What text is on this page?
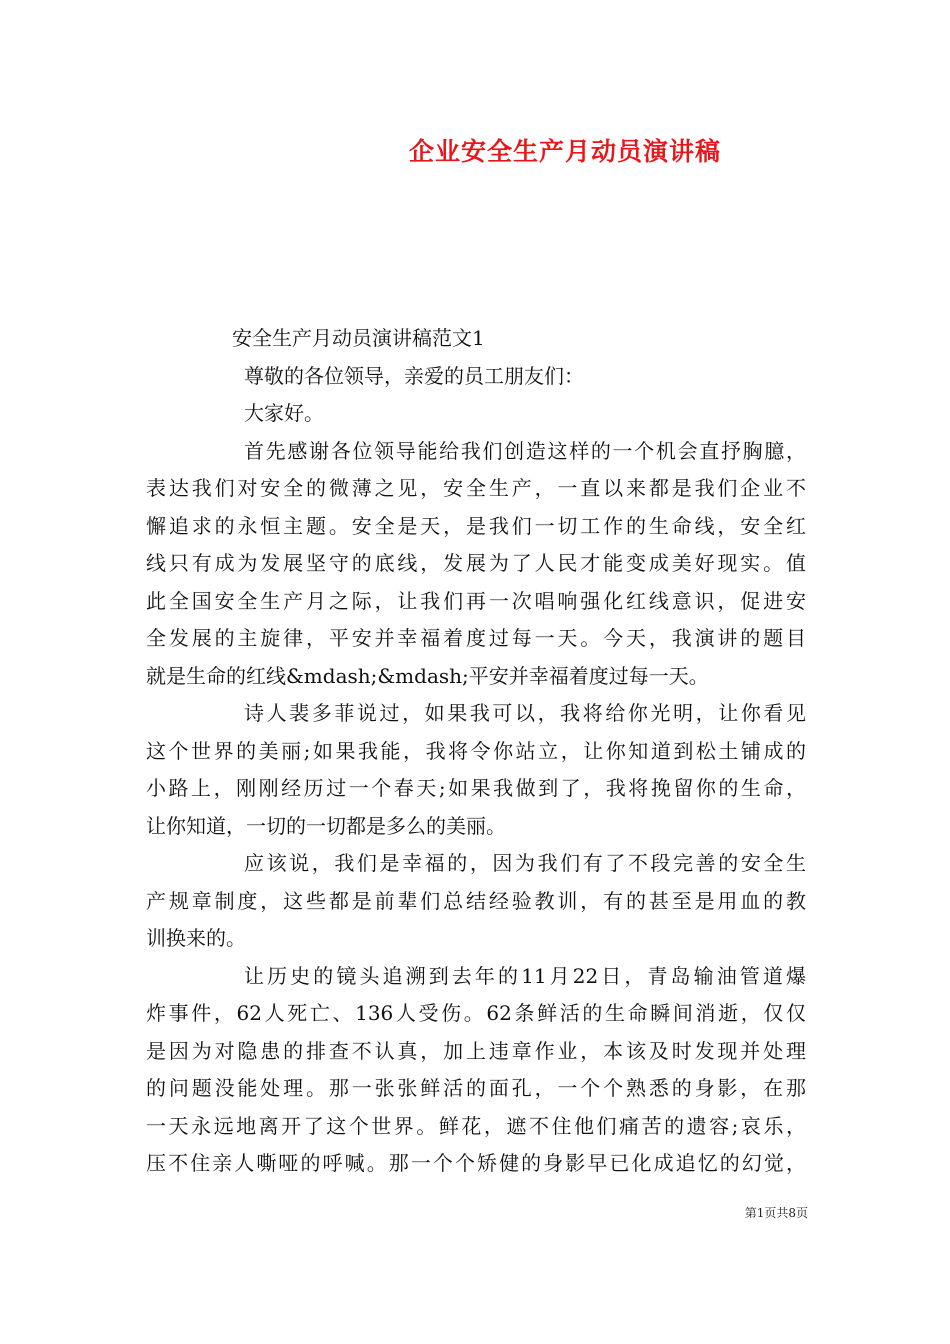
企业安全生产月动员演讲稿
安全生产月动员演讲稿范文1
尊敬的各位领导，亲爱的员工朋友们：
大家好。
首先感谢各位领导能给我们创造这样的一个机会直抒胸臆，
表达我们对安全的微薄之见，安全生产，一直以来都是我们企业不
懈追求的永恒主题。安全是天，是我们一切工作的生命线，安全红
线只有成为发展坚守的底线，发展为了人民才能变成美好现实。值
此全国安全生产月之际，让我们再一次唱响强化红线意识，促进安
全发展的主旋律，平安并幸福着度过每一天。今天，我演讲的题目
就是生命的红线&mdash;&mdash;平安并幸福着度过每一天。
诗人裴多菲说过，如果我可以，我将给你光明，让你看见
这个世界的美丽;如果我能，我将令你站立，让你知道到松土铺成的
小路上，刚刚经历过一个春天;如果我做到了，我将挽留你的生命，
让你知道，一切的一切都是多么的美丽。
应该说，我们是幸福的，因为我们有了不段完善的安全生
产规章制度，这些都是前辈们总结经验教训，有的甚至是用血的教
训换来的。
让历史的镜头追溯到去年的11月22日，青岛输油管道爆
炸事件，62人死亡、136人受伤。62条鲜活的生命瞬间消逝，仅仅
是因为对隐患的排查不认真，加上违章作业，本该及时发现并处理
的问题没能处理。那一张张鲜活的面孔，一个个熟悉的身影，在那
一天永远地离开了这个世界。鲜花，遮不住他们痛苦的遗容;哀乐，
压不住亲人嘶哑的呼喊。那一个个矫健的身影早已化成追忆的幻觉，
第1页共8页
